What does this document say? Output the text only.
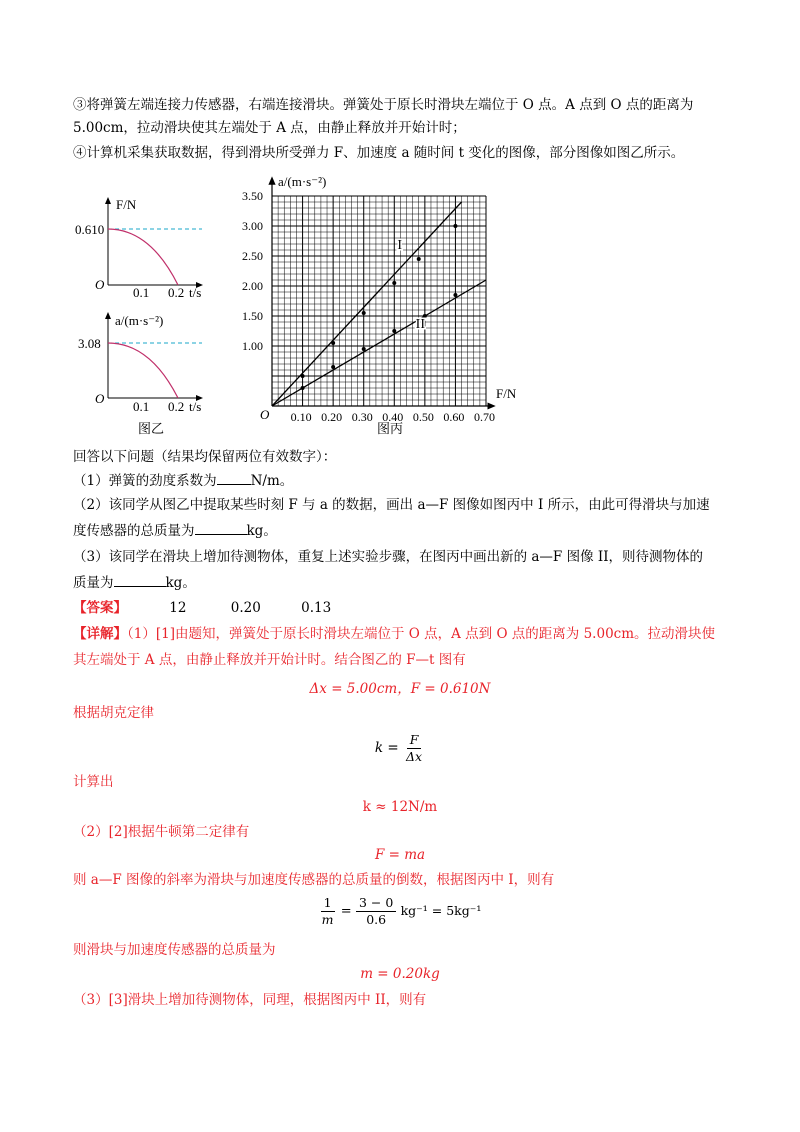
③将弹簧左端连接力传感器，右端连接滑块。弹簧处于原长时滑块左端位于 O 点。A 点到 O 点的距离为
5.00cm，拉动滑块使其左端处于 A 点，由静止释放并开始计时；
④计算机采集获取数据，得到滑块所受弹力 F、加速度 a 随时间 t 变化的图像，部分图像如图乙所示。
F/N
0.610
O
0.1 0.2 t/s
a/(m·s⁻²)
3.08
O
0.1 0.2 t/s
图乙
0.10 0.20 0.30 0.40 0.50 0.60 0.70
1.00
1.50
2.00
2.50
3.00
3.50
O
F/N
a/(m·s⁻²)
I
II
图丙
回答以下问题（结果均保留两位有效数字）：
（1）弹簧的劲度系数为	N/m。
（2）该同学从图乙中提取某些时刻 F 与 a 的数据，画出 a—F 图像如图丙中 I 所示，由此可得滑块与加速
度传感器的总质量为	kg。
（3）该同学在滑块上增加待测物体，重复上述实验步骤，在图丙中画出新的 a—F 图像 II，则待测物体的
质量为	kg。
【答案】	12	0.20	0.13
【详解】（1）[1]由题知，弹簧处于原长时滑块左端位于 O 点，A 点到 O 点的距离为 5.00cm。拉动滑块使
其左端处于 A 点，由静止释放并开始计时。结合图乙的 F—t 图有
Δx = 5.00cm，F = 0.610N
根据胡克定律
$k = \frac{F}{\Delta x}$
计算出
k ≈ 12N/m
（2）[2]根据牛顿第二定律有
F = ma
则 a—F 图像的斜率为滑块与加速度传感器的总质量的倒数，根据图丙中 I，则有
$\frac{1}{m} = \frac{3 - 0}{0.6} kg^{-1} = 5kg^{-1}$
则滑块与加速度传感器的总质量为
m = 0.20kg
（3）[3]滑块上增加待测物体，同理，根据图丙中 II，则有
